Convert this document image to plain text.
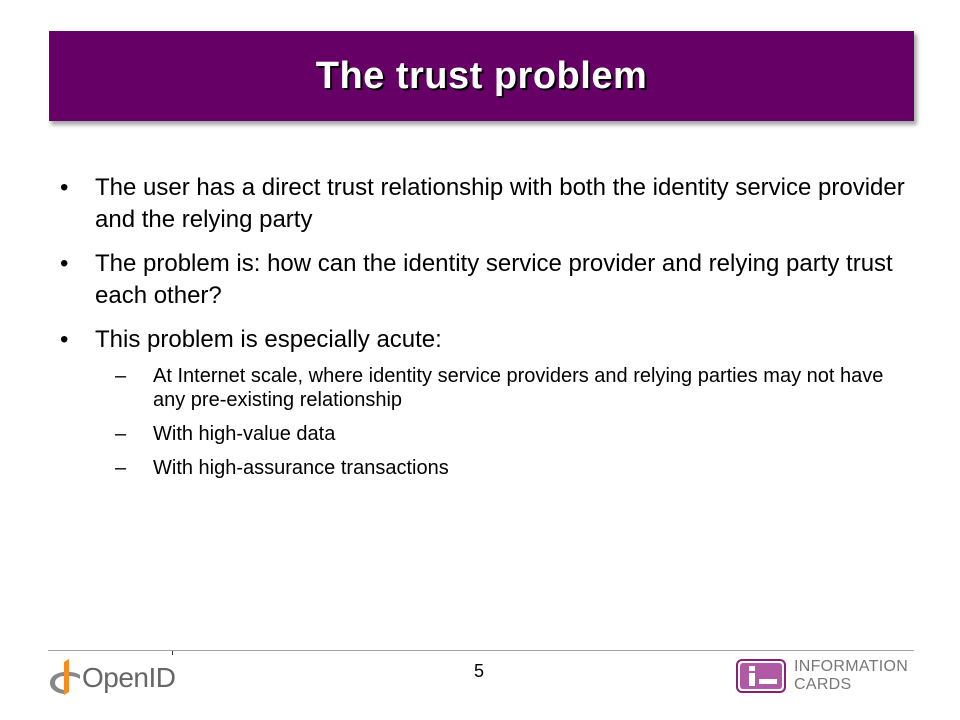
The trust problem
• The user has a direct trust relationship with both the identity service provider and the relying party
• The problem is: how can the identity service provider and relying party trust each other?
• This problem is especially acute:
– At Internet scale, where identity service providers and relying parties may not have any pre-existing relationship
– With high-value data
– With high-assurance transactions
OpenID	5	INFORMATION
CARDS
